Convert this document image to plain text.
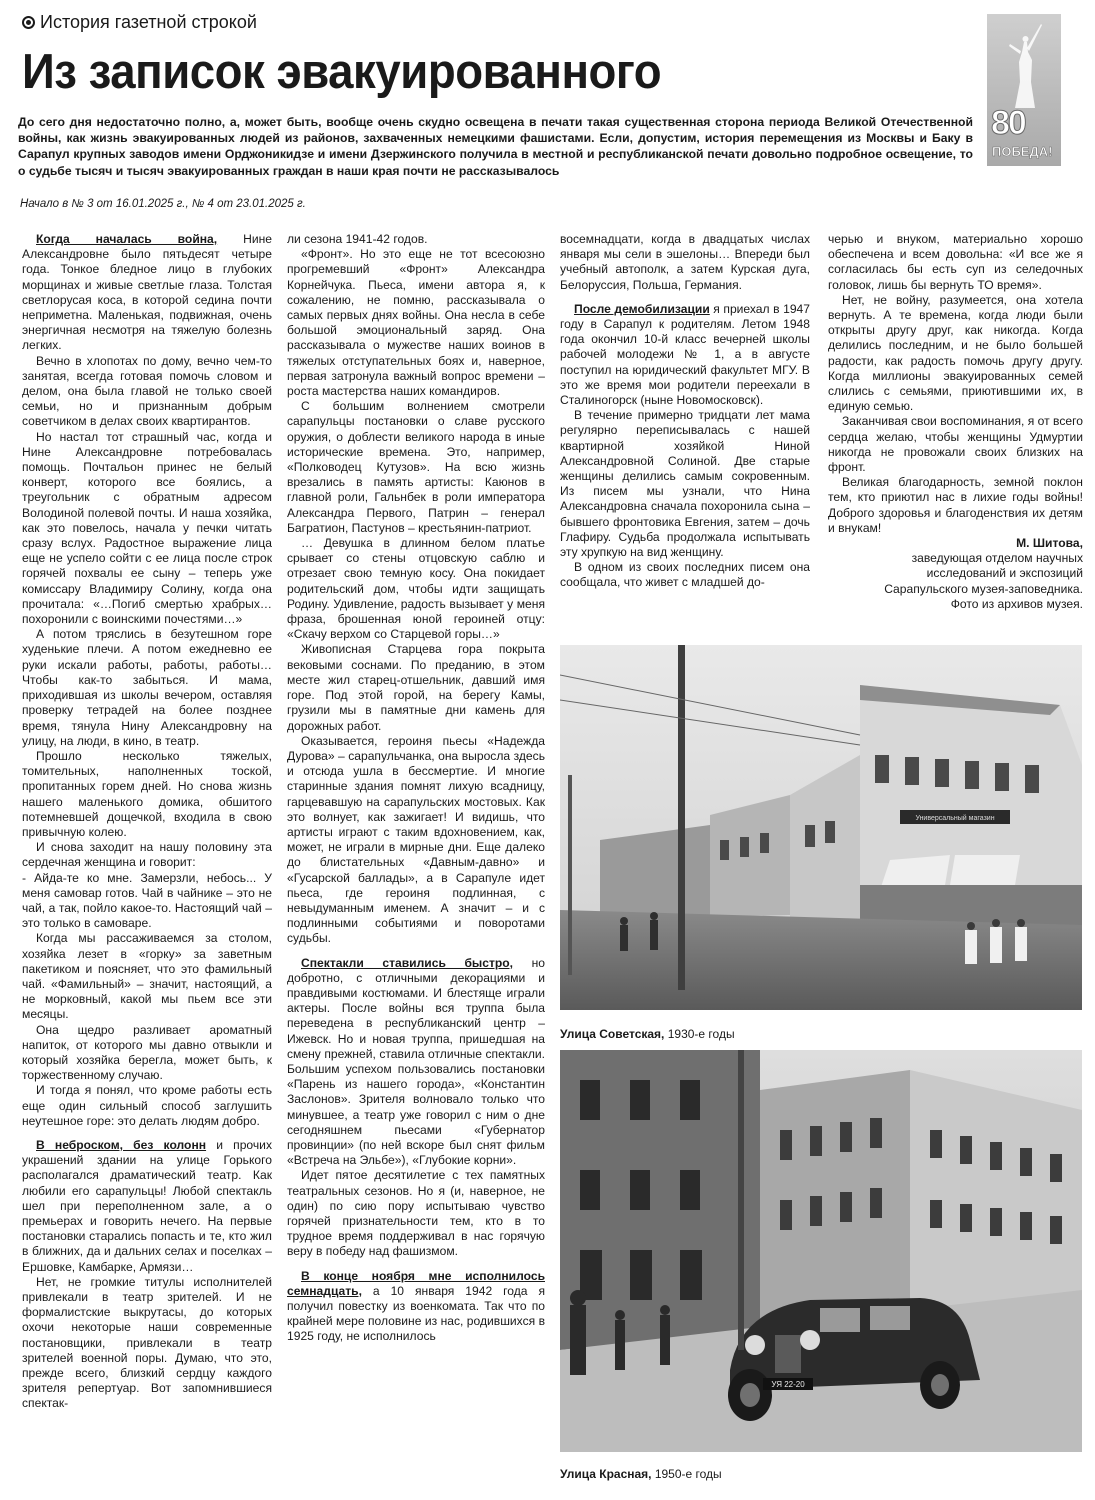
История газетной строкой
Из записок эвакуированного
До сего дня недостаточно полно, а, может быть, вообще очень скудно освещена в печати такая существенная сторона периода Великой Отечественной войны, как жизнь эвакуированных людей из районов, захваченных немецкими фашистами. Если, допустим, история перемещения из Москвы и Баку в Сарапул крупных заводов имени Орджоникидзе и имени Дзержинского получила в местной и республиканской печати довольно подробное освещение, то о судьбе тысяч и тысяч эвакуированных граждан в наши края почти не рассказывалось
80
ПОБЕДА!
Начало в № 3 от 16.01.2025 г., № 4 от 23.01.2025 г.

Когда началась война, Нине Александровне было пятьдесят четыре года. Тонкое бледное лицо в глубоких морщинах и живые светлые глаза. Толстая светлорусая коса, в которой седина почти неприметна. Маленькая, подвижная, очень энергичная несмотря на тяжелую болезнь легких.

Вечно в хлопотах по дому, вечно чем-то занятая, всегда готовая помочь словом и делом, она была главой не только своей семьи, но и признанным добрым советчиком в делах своих квартирантов.

Но настал тот страшный час, когда и Нине Александровне потребовалась помощь. Почтальон принес не белый конверт, которого все боялись, а треугольник с обратным адресом Володиной полевой почты. И наша хозяйка, как это повелось, начала у печки читать сразу вслух. Радостное выражение лица еще не успело сойти с ее лица после строк горячей похвалы ее сыну – теперь уже комиссару Владимиру Солину, когда она прочитала: «…Погиб смертью храбрых… похоронили с воинскими почестями…»

А потом тряслись в безутешном горе худенькие плечи. А потом ежедневно ее руки искали работы, работы, работы… Чтобы как-то забыться. И мама, приходившая из школы вечером, оставляя проверку тетрадей на более позднее время, тянула Нину Александровну на улицу, на люди, в кино, в театр.

Прошло несколько тяжелых, томительных, наполненных тоской, пропитанных горем дней. Но снова жизнь нашего маленького домика, обшитого потемневшей дощечкой, входила в свою привычную колею.

И снова заходит на нашу половину эта сердечная женщина и говорит:

- Айда-те ко мне. Замерзли, небось... У меня самовар готов. Чай в чайнике – это не чай, а так, пойло какое-то. Настоящий чай – это только в самоваре.

Когда мы рассаживаемся за столом, хозяйка лезет в «горку» за заветным пакетиком и поясняет, что это фамильный чай. «Фамильный» – значит, настоящий, а не морковный, какой мы пьем все эти месяцы.

Она щедро разливает ароматный напиток, от которого мы давно отвыкли и который хозяйка берегла, может быть, к торжественному случаю.

И тогда я понял, что кроме работы есть еще один сильный способ заглушить неутешное горе: это делать людям добро.

В неброском, без колонн и прочих украшений здании на улице Горького располагался драматический театр. Как любили его сарапульцы! Любой спектакль шел при переполненном зале, а о премьерах и говорить нечего. На первые постановки старались попасть и те, кто жил в ближних, да и дальних селах и поселках – Ершовке, Камбарке, Армязи…

Нет, не громкие титулы исполнителей привлекали в театр зрителей. И не формалистские выкрутасы, до которых охочи некоторые наши современные постановщики, привлекали в театр зрителей военной поры. Думаю, что это, прежде всего, близкий сердцу каждого зрителя репертуар. Вот запомнившиеся спектак-

ли сезона 1941-42 годов.

«Фронт». Но это еще не тот всесоюзно прогремевший «Фронт» Александра Корнейчука. Пьеса, имени автора я, к сожалению, не помню, рассказывала о самых первых днях войны. Она несла в себе большой эмоциональный заряд. Она рассказывала о мужестве наших воинов в тяжелых отступательных боях и, наверное, первая затронула важный вопрос времени – роста мастерства наших командиров.

С большим волнением смотрели сарапульцы постановки о славе русского оружия, о доблести великого народа в иные исторические времена. Это, например, «Полководец Кутузов». На всю жизнь врезались в память артисты: Каюнов в главной роли, Гальнбек в роли императора Александра Первого, Патрин – генерал Багратион, Пастунов – крестьянин-патриот.

… Девушка в длинном белом платье срывает со стены отцовскую саблю и отрезает свою темную косу. Она покидает родительский дом, чтобы идти защищать Родину. Удивление, радость вызывает у меня фраза, брошенная юной героиней отцу: «Скачу верхом со Старцевой горы…»

Живописная Старцева гора покрыта вековыми соснами. По преданию, в этом месте жил старец-отшельник, давший имя горе. Под этой горой, на берегу Камы, грузили мы в памятные дни камень для дорожных работ.

Оказывается, героиня пьесы «Надежда Дурова» – сарапульчанка, она выросла здесь и отсюда ушла в бессмертие. И многие старинные здания помнят лихую всадницу, гарцевавшую на сарапульских мостовых. Как это волнует, как зажигает! И видишь, что артисты играют с таким вдохновением, как, может, не играли в мирные дни. Еще далеко до блистательных «Давным-давно» и «Гусарской баллады», а в Сарапуле идет пьеса, где героиня подлинная, с невыдуманным именем. А значит – и с подлинными событиями и поворотами судьбы.

Спектакли ставились быстро, но добротно, с отличными декорациями и правдивыми костюмами. И блестяще играли актеры. После войны вся труппа была переведена в республиканский центр – Ижевск. Но и новая труппа, пришедшая на смену прежней, ставила отличные спектакли. Большим успехом пользовались постановки «Парень из нашего города», «Константин Заслонов». Зрителя волновало только что минувшее, а театр уже говорил с ним о дне сегодняшнем пьесами «Губернатор провинции» (по ней вскоре был снят фильм «Встреча на Эльбе»), «Глубокие корни».

Идет пятое десятилетие с тех памятных театральных сезонов. Но я (и, наверное, не один) по сию пору испытываю чувство горячей признательности тем, кто в то трудное время поддерживал в нас горячую веру в победу над фашизмом.

В конце ноября мне исполнилось семнадцать, а 10 января 1942 года я получил повестку из военкомата. Так что по крайней мере половине из нас, родившихся в 1925 году, не исполнилось

восемнадцати, когда в двадцатых числах января мы сели в эшелоны… Впереди был учебный автополк, а затем Курская дуга, Белоруссия, Польша, Германия.

После демобилизации я приехал в 1947 году в Сарапул к родителям. Летом 1948 года окончил 10-й класс вечерней школы рабочей молодежи № 1, а в августе поступил на юридический факультет МГУ. В это же время мои родители переехали в Сталиногорск (ныне Новомосковск).

В течение примерно тридцати лет мама регулярно переписывалась с нашей квартирной хозяйкой Ниной Александровной Солиной. Две старые женщины делились самым сокровенным. Из писем мы узнали, что Нина Александровна сначала похоронила сына – бывшего фронтовика Евгения, затем – дочь Глафиру. Судьба продолжала испытывать эту хрупкую на вид женщину.

В одном из своих последних писем она сообщала, что живет с младшей до-

черью и внуком, материально хорошо обеспечена и всем довольна: «И все же я согласилась бы есть суп из селедочных головок, лишь бы вернуть ТО время».

Нет, не войну, разумеется, она хотела вернуть. А те времена, когда люди были открыты другу друг, как никогда. Когда делились последним, и не было большей радости, как радость помочь другу другу. Когда миллионы эвакуированных семей слились с семьями, приютившими их, в единую семью.

Заканчивая свои воспоминания, я от всего сердца желаю, чтобы женщины Удмуртии никогда не провожали своих близких на фронт.

Великая благодарность, земной поклон тем, кто приютил нас в лихие годы войны! Доброго здоровья и благоденствия их детям и внукам!

М. Шитова,
заведующая отделом научных
исследований и экспозиций
Сарапульского музея-заповедника.
Фото из архивов музея.
Универсальный магазин
Улица Советская, 1930-е годы
УЯ 22-20
Улица Красная, 1950-е годы
